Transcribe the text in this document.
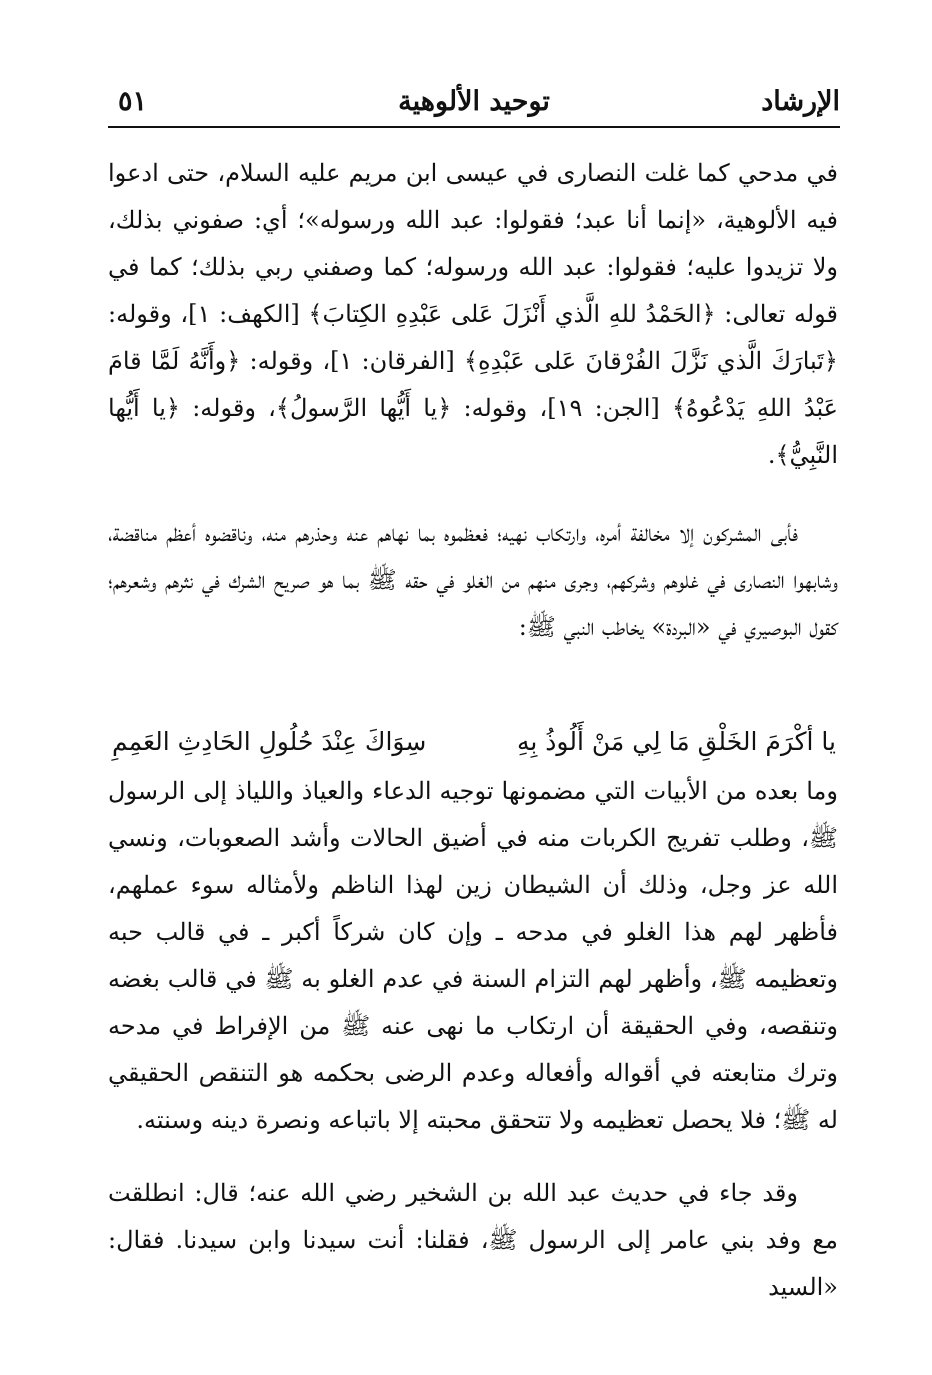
الإرشاد
توحيد الألوهية
٥١
في مدحي كما غلت النصارى في عيسى ابن مريم عليه السلام، حتى ادعوا فيه الألوهية، «إنما أنا عبد؛ فقولوا: عبد الله ورسوله»؛ أي: صفوني بذلك، ولا تزيدوا عليه؛ فقولوا: عبد الله ورسوله؛ كما وصفني ربي بذلك؛ كما في قوله تعالى: ﴿الحَمْدُ للهِ الَّذي أَنْزَلَ عَلى عَبْدِهِ الكِتابَ﴾ [الكهف: ١]، وقوله: ﴿تَبارَكَ الَّذي نَزَّلَ الفُرْقانَ عَلى عَبْدِهِ﴾ [الفرقان: ١]، وقوله: ﴿وأَنَّهُ لَمَّا قامَ عَبْدُ اللهِ يَدْعُوهُ﴾ [الجن: ١٩]، وقوله: ﴿يا أَيُّها الرَّسولُ﴾، وقوله: ﴿يا أَيُّها النَّبِيُّ﴾.
فأبى المشركون إلا مخالفة أمره، وارتكاب نهيه؛ فعظموه بما نهاهم عنه وحذرهم منه، وناقضوه أعظم مناقضة، وشابهوا النصارى في غلوهم وشركهم، وجرى منهم من الغلو في حقه ﷺ بما هو صريح الشرك في نثرهم وشعرهم؛ كقول البوصيري في «البردة» يخاطب النبي ﷺ:
يا أكْرَمَ الخَلْقِ مَا لِي مَنْ أَلُوذُ بِهِ
سِوَاكَ عِنْدَ حُلُولِ الحَادِثِ العَمِمِ
وما بعده من الأبيات التي مضمونها توجيه الدعاء والعياذ واللياذ إلى الرسول ﷺ، وطلب تفريج الكربات منه في أضيق الحالات وأشد الصعوبات، ونسي الله عز وجل، وذلك أن الشيطان زين لهذا الناظم ولأمثاله سوء عملهم، فأظهر لهم هذا الغلو في مدحه ـ وإن كان شركاً أكبر ـ في قالب حبه وتعظيمه ﷺ، وأظهر لهم التزام السنة في عدم الغلو به ﷺ في قالب بغضه وتنقصه، وفي الحقيقة أن ارتكاب ما نهى عنه ﷺ من الإفراط في مدحه وترك متابعته في أقواله وأفعاله وعدم الرضى بحكمه هو التنقص الحقيقي له ﷺ؛ فلا يحصل تعظيمه ولا تتحقق محبته إلا باتباعه ونصرة دينه وسنته.
وقد جاء في حديث عبد الله بن الشخير رضي الله عنه؛ قال: انطلقت مع وفد بني عامر إلى الرسول ﷺ، فقلنا: أنت سيدنا وابن سيدنا. فقال: «السيد
